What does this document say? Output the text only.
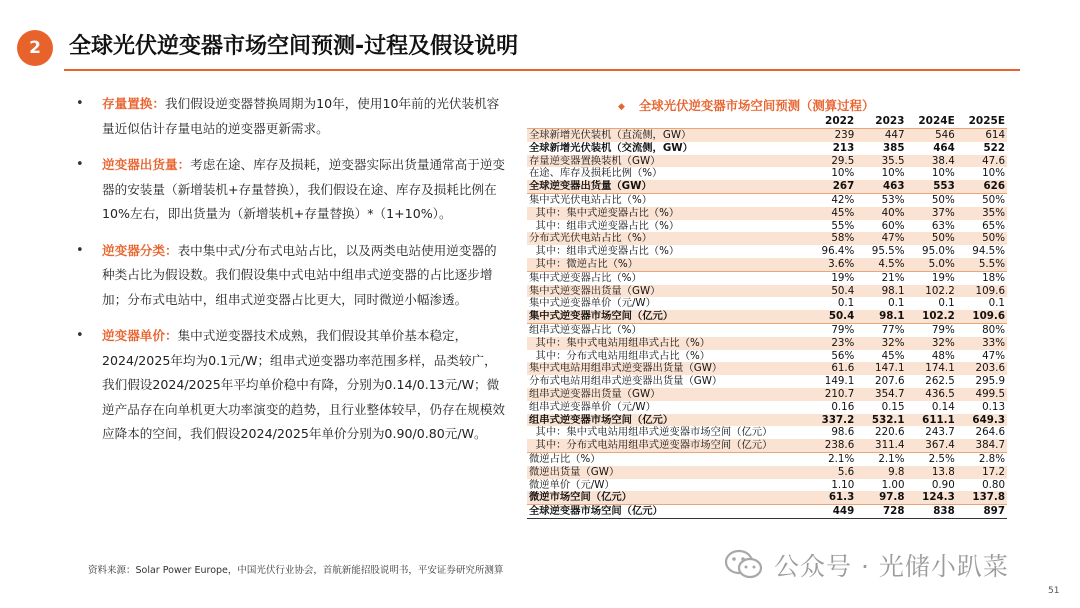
2	全球光伏逆变器市场空间预测-过程及假设说明
• 存量置换：我们假设逆变器替换周期为10年，使用10年前的光伏装机容量近似估计存量电站的逆变器更新需求。
• 逆变器出货量：考虑在途、库存及损耗，逆变器实际出货量通常高于逆变器的安装量（新增装机+存量替换），我们假设在途、库存及损耗比例在10%左右，即出货量为（新增装机+存量替换）*（1+10%）。
• 逆变器分类：表中集中式/分布式电站占比，以及两类电站使用逆变器的种类占比为假设数。我们假设集中式电站中组串式逆变器的占比逐步增加；分布式电站中，组串式逆变器占比更大，同时微逆小幅渗透。
• 逆变器单价：集中式逆变器技术成熟，我们假设其单价基本稳定，2024/2025年均为0.1元/W；组串式逆变器功率范围多样，品类较广，我们假设2024/2025年平均单价稳中有降，分别为0.14/0.13元/W；微逆产品存在向单机更大功率演变的趋势，且行业整体较早，仍存在规模效应降本的空间，我们假设2024/2025年单价分别为0.90/0.80元/W。
◆ 全球光伏逆变器市场空间预测（测算过程）
	2022	2023	2024E	2025E
全球新增光伏装机（直流侧，GW）	239	447	546	614
全球新增光伏装机（交流侧，GW）	213	385	464	522
存量逆变器置换装机（GW）	29.5	35.5	38.4	47.6
在途、库存及损耗比例（%）	10%	10%	10%	10%
全球逆变器出货量（GW）	267	463	553	626
集中式光伏电站占比（%）	42%	53%	50%	50%
其中：集中式逆变器占比（%）	45%	40%	37%	35%
其中：组串式逆变器占比（%）	55%	60%	63%	65%
分布式光伏电站占比（%）	58%	47%	50%	50%
其中：组串式逆变器占比（%）	96.4%	95.5%	95.0%	94.5%
其中：微逆占比（%）	3.6%	4.5%	5.0%	5.5%
集中式逆变器占比（%）	19%	21%	19%	18%
集中式逆变器出货量（GW）	50.4	98.1	102.2	109.6
集中式逆变器单价（元/W）	0.1	0.1	0.1	0.1
集中式逆变器市场空间（亿元）	50.4	98.1	102.2	109.6
组串式逆变器占比（%）	79%	77%	79%	80%
其中：集中式电站用组串式占比（%）	23%	32%	32%	33%
其中：分布式电站用组串式占比（%）	56%	45%	48%	47%
集中式电站用组串式逆变器出货量（GW）	61.6	147.1	174.1	203.6
分布式电站用组串式逆变器出货量（GW）	149.1	207.6	262.5	295.9
组串式逆变器出货量（GW）	210.7	354.7	436.5	499.5
组串式逆变器单价（元/W）	0.16	0.15	0.14	0.13
组串式逆变器市场空间（亿元）	337.2	532.1	611.1	649.3
其中：集中式电站用组串式逆变器市场空间（亿元）	98.6	220.6	243.7	264.6
其中：分布式电站用组串式逆变器市场空间（亿元）	238.6	311.4	367.4	384.7
微逆占比（%）	2.1%	2.1%	2.5%	2.8%
微逆出货量（GW）	5.6	9.8	13.8	17.2
微逆单价（元/W）	1.10	1.00	0.90	0.80
微逆市场空间（亿元）	61.3	97.8	124.3	137.8
全球逆变器市场空间（亿元）	449	728	838	897
资料来源：Solar Power Europe，中国光伏行业协会，首航新能招股说明书，平安证券研究所测算	公众号 · 光储小趴菜
51
